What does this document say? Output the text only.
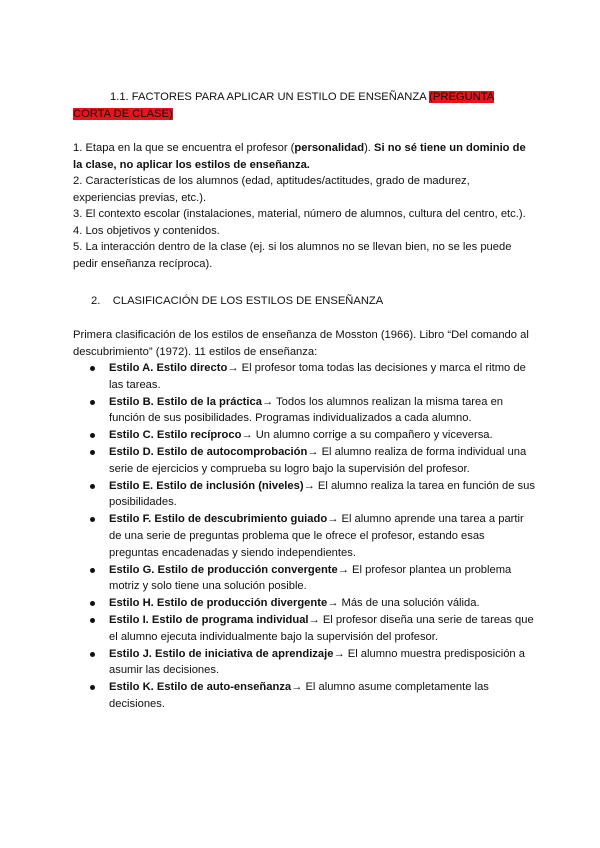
1.1. FACTORES PARA APLICAR UN ESTILO DE ENSEÑANZA (PREGUNTA CORTA DE CLASE)

1. Etapa en la que se encuentra el profesor (personalidad). Si no sé tiene un dominio de la clase, no aplicar los estilos de enseñanza.

2. Características de los alumnos (edad, aptitudes/actitudes, grado de madurez, experiencias previas, etc.).

3. El contexto escolar (instalaciones, material, número de alumnos, cultura del centro, etc.).

4. Los objetivos y contenidos.

5. La interacción dentro de la clase (ej. si los alumnos no se llevan bien, no se les puede pedir enseñanza recíproca).

2. CLASIFICACIÓN DE LOS ESTILOS DE ENSEÑANZA
Primera clasificación de los estilos de enseñanza de Mosston (1966). Libro “Del comando al descubrimiento” (1972). 11 estilos de enseñanza:
Estilo A. Estilo directo→ El profesor toma todas las decisiones y marca el ritmo de las tareas.
Estilo B. Estilo de la práctica→ Todos los alumnos realizan la misma tarea en función de sus posibilidades. Programas individualizados a cada alumno.
Estilo C. Estilo recíproco→ Un alumno corrige a su compañero y viceversa.
Estilo D. Estilo de autocomprobación→ El alumno realiza de forma individual una serie de ejercicios y comprueba su logro bajo la supervisión del profesor.
Estilo E. Estilo de inclusión (niveles)→ El alumno realiza la tarea en función de sus posibilidades.
Estilo F. Estilo de descubrimiento guiado→ El alumno aprende una tarea a partir de una serie de preguntas problema que le ofrece el profesor, estando esas preguntas encadenadas y siendo independientes.
Estilo G. Estilo de producción convergente→ El profesor plantea un problema motriz y solo tiene una solución posible.
Estilo H. Estilo de producción divergente→ Más de una solución válida.
Estilo I. Estilo de programa individual→ El profesor diseña una serie de tareas que el alumno ejecuta individualmente bajo la supervisión del profesor.
Estilo J. Estilo de iniciativa de aprendizaje→ El alumno muestra predisposición a asumir las decisiones.
Estilo K. Estilo de auto-enseñanza→ El alumno asume completamente las decisiones.
